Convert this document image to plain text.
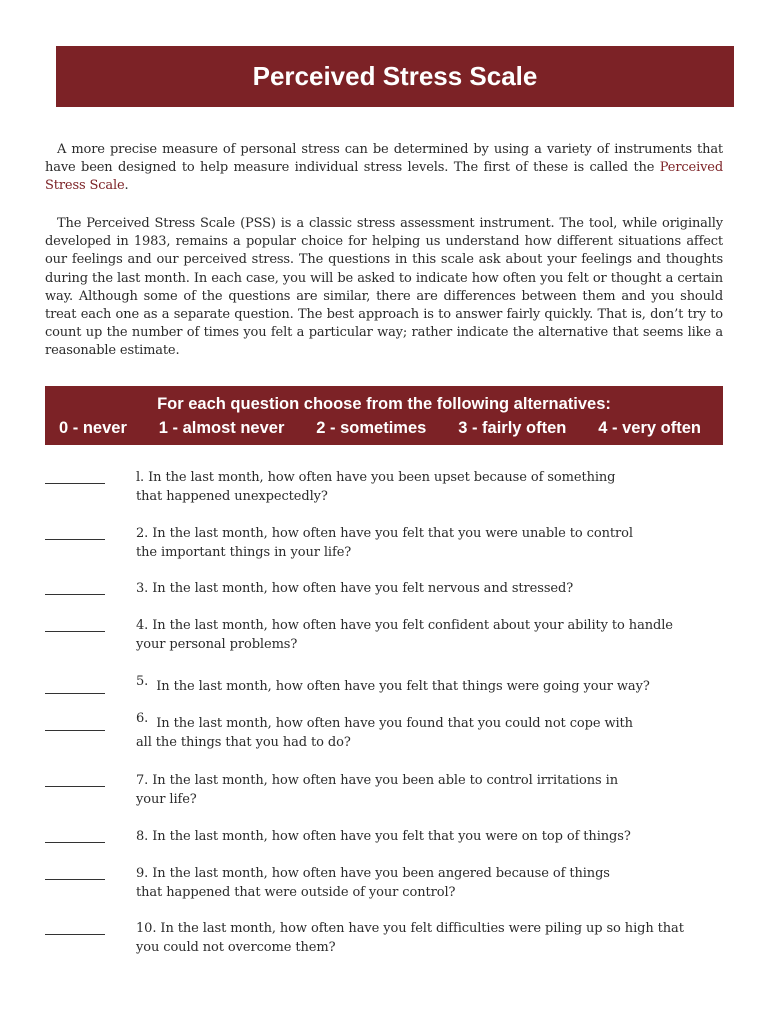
Perceived Stress Scale

A more precise measure of personal stress can be determined by using a variety of instruments that have been designed to help measure individual stress levels. The first of these is called the Perceived Stress Scale.

The Perceived Stress Scale (PSS) is a classic stress assessment instrument. The tool, while originally developed in 1983, remains a popular choice for helping us understand how different situations affect our feelings and our perceived stress. The questions in this scale ask about your feelings and thoughts during the last month. In each case, you will be asked to indicate how often you felt or thought a certain way. Although some of the questions are similar, there are differences between them and you should treat each one as a separate question. The best approach is to answer fairly quickly. That is, don’t try to count up the number of times you felt a particular way; rather indicate the alternative that seems like a reasonable estimate.

For each question choose from the following alternatives:
0 - never 1 - almost never 2 - sometimes 3 - fairly often 4 - very often
l. In the last month, how often have you been upset because of something
that happened unexpectedly?
2. In the last month, how often have you felt that you were unable to control
the important things in your life?
3. In the last month, how often have you felt nervous and stressed?
4. In the last month, how often have you felt confident about your ability to handle
your personal problems?
5. In the last month, how often have you felt that things were going your way?
6. In the last month, how often have you found that you could not cope with
all the things that you had to do?
7. In the last month, how often have you been able to control irritations in
your life?
8. In the last month, how often have you felt that you were on top of things?
9. In the last month, how often have you been angered because of things
that happened that were outside of your control?
10. In the last month, how often have you felt difficulties were piling up so high that
you could not overcome them?
